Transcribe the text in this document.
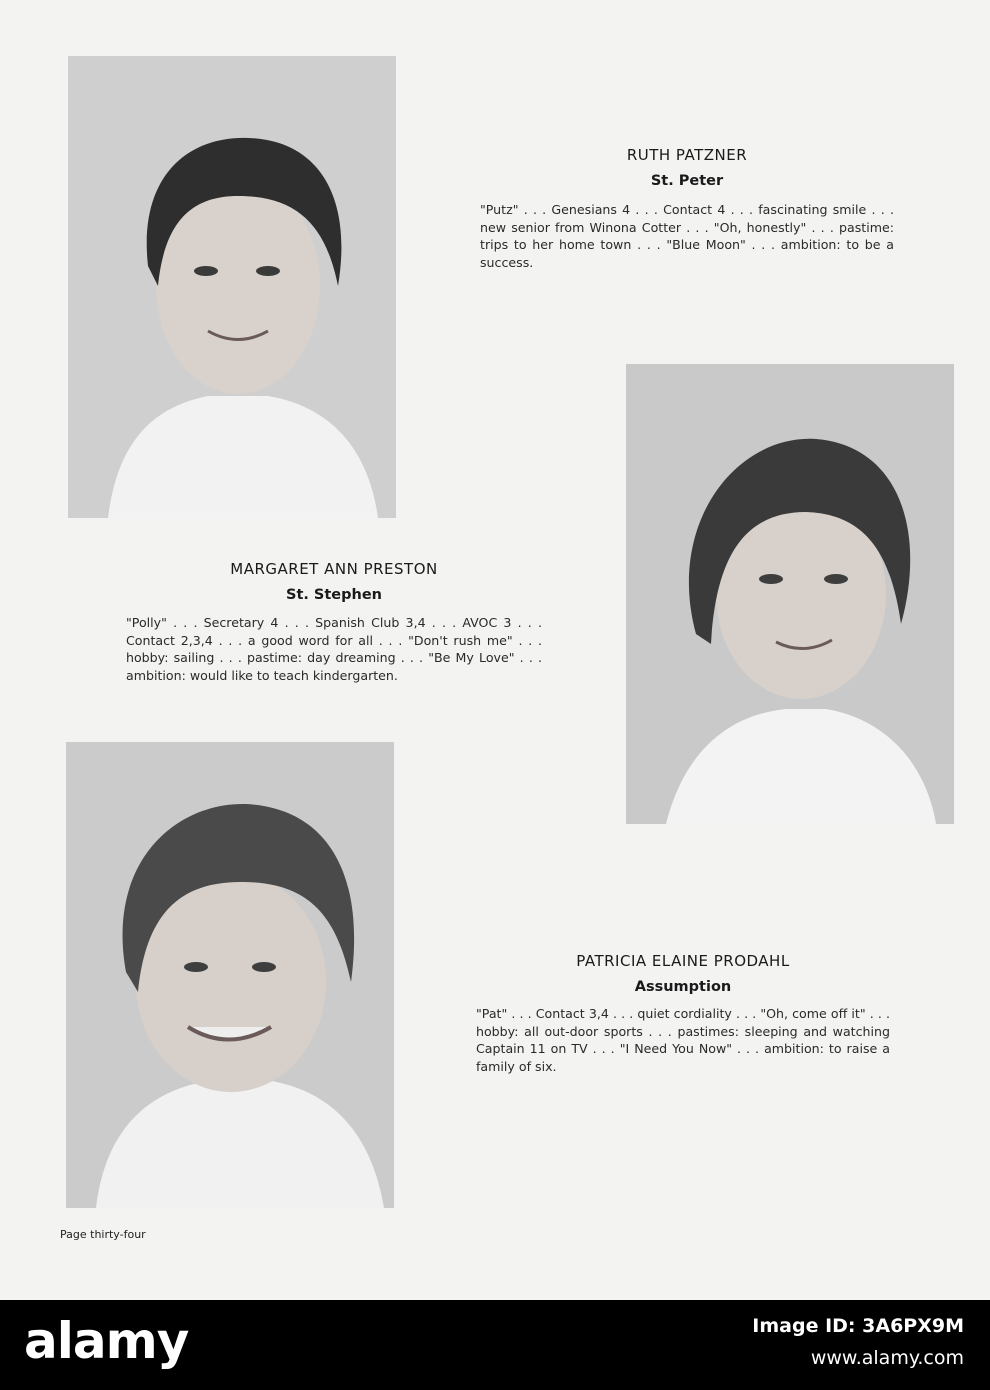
RUTH PATZNER
St. Peter
"Putz" . . . Genesians 4 . . . Contact 4 . . . fascinating smile . . . new senior from Winona Cotter . . . "Oh, honestly" . . . pastime: trips to her home town . . . "Blue Moon" . . . ambition: to be a success.
MARGARET ANN PRESTON
St. Stephen
"Polly" . . . Secretary 4 . . . Spanish Club 3,4 . . . AVOC 3 . . . Contact 2,3,4 . . . a good word for all . . . "Don't rush me" . . . hobby: sailing . . . pastime: day dreaming . . . "Be My Love" . . . ambition: would like to teach kindergarten.
PATRICIA ELAINE PRODAHL
Assumption
"Pat" . . . Contact 3,4 . . . quiet cordiality . . . "Oh, come off it" . . . hobby: all out-door sports . . . pastimes: sleeping and watching Captain 11 on TV . . . "I Need You Now" . . . ambition: to raise a family of six.
Page thirty-four
alamy	Image ID: 3A6PX9M
www.alamy.com
